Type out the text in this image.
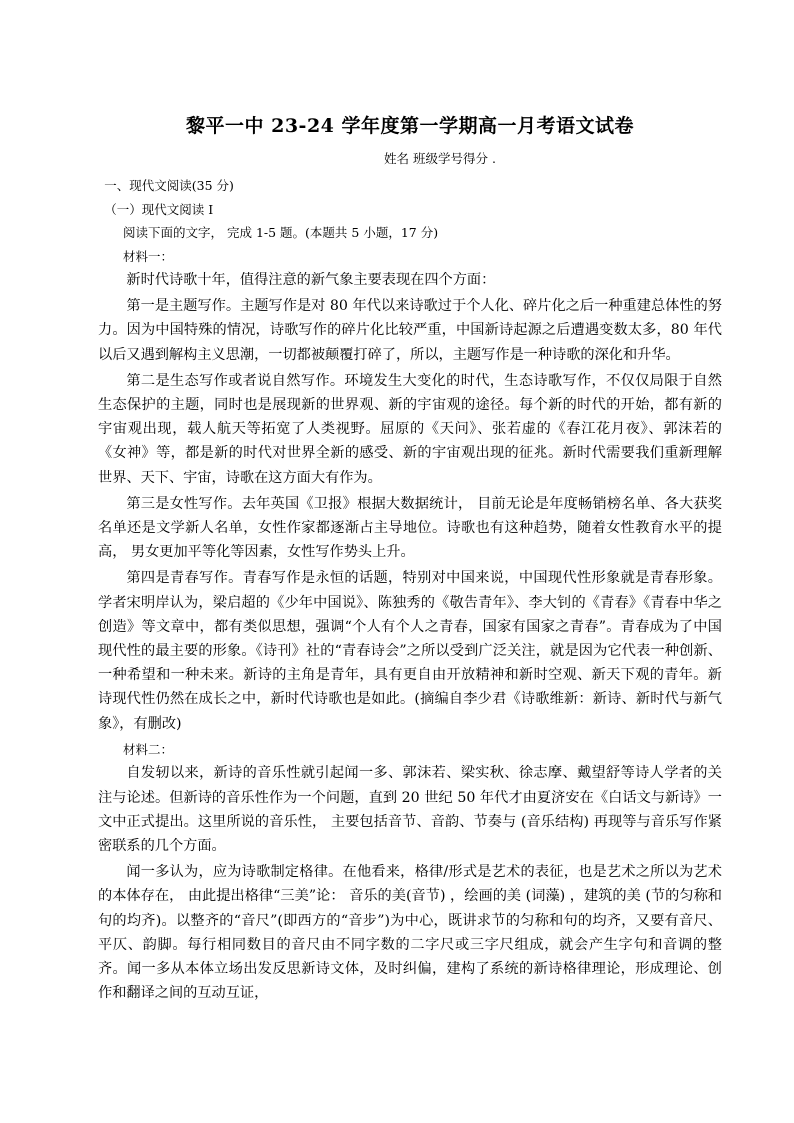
黎平一中 23-24 学年度第一学期高一月考语文试卷
姓名 班级学号得分 .
一、现代文阅读(35 分)
（一）现代文阅读 I
阅读下面的文字， 完成 1-5 题。(本题共 5 小题，17 分)
材料一：

新时代诗歌十年，值得注意的新气象主要表现在四个方面：

第一是主题写作。主题写作是对 80 年代以来诗歌过于个人化、碎片化之后一种重建总体性的努力。因为中国特殊的情况，诗歌写作的碎片化比较严重，中国新诗起源之后遭遇变数太多，80 年代以后又遇到解构主义思潮，一切都被颠覆打碎了，所以，主题写作是一种诗歌的深化和升华。

第二是生态写作或者说自然写作。环境发生大变化的时代，生态诗歌写作，不仅仅局限于自然生态保护的主题，同时也是展现新的世界观、新的宇宙观的途径。每个新的时代的开始，都有新的宇宙观出现，载人航天等拓宽了人类视野。屈原的《天问》、张若虚的《春江花月夜》、郭沫若的《女神》等，都是新的时代对世界全新的感受、新的宇宙观出现的征兆。新时代需要我们重新理解世界、天下、宇宙，诗歌在这方面大有作为。

第三是女性写作。去年英国《卫报》根据大数据统计， 目前无论是年度畅销榜名单、各大获奖名单还是文学新人名单，女性作家都逐渐占主导地位。诗歌也有这种趋势，随着女性教育水平的提高， 男女更加平等化等因素，女性写作势头上升。

第四是青春写作。青春写作是永恒的话题，特别对中国来说，中国现代性形象就是青春形象。学者宋明岸认为，梁启超的《少年中国说》、陈独秀的《敬告青年》、李大钊的《青春》《青春中华之创造》等文章中，都有类似思想，强调“个人有个人之青春，国家有国家之青春”。青春成为了中国现代性的最主要的形象。《诗刊》社的“青春诗会”之所以受到广泛关注，就是因为它代表一种创新、一种希望和一种未来。新诗的主角是青年，具有更自由开放精神和新时空观、新天下观的青年。新诗现代性仍然在成长之中，新时代诗歌也是如此。(摘编自李少君《诗歌维新：新诗、新时代与新气象》，有删改)

材料二：

自发轫以来，新诗的音乐性就引起闻一多、郭沫若、梁实秋、徐志摩、戴望舒等诗人学者的关注与论述。但新诗的音乐性作为一个问题，直到 20 世纪 50 年代才由夏济安在《白话文与新诗》一文中正式提出。这里所说的音乐性， 主要包括音节、音韵、节奏与 (音乐结构) 再现等与音乐写作紧密联系的几个方面。

闻一多认为，应为诗歌制定格律。在他看来，格律/形式是艺术的表征，也是艺术之所以为艺术的本体存在， 由此提出格律“三美”论： 音乐的美(音节) ，绘画的美 (词藻) ，建筑的美 (节的匀称和句的均齐)。以整齐的“音尺”(即西方的“音步”)为中心，既讲求节的匀称和句的均齐，又要有音尺、平仄、韵脚。每行相同数目的音尺由不同字数的二字尺或三字尺组成，就会产生字句和音调的整齐。闻一多从本体立场出发反思新诗文体，及时纠偏，建构了系统的新诗格律理论，形成理论、创作和翻译之间的互动互证，
